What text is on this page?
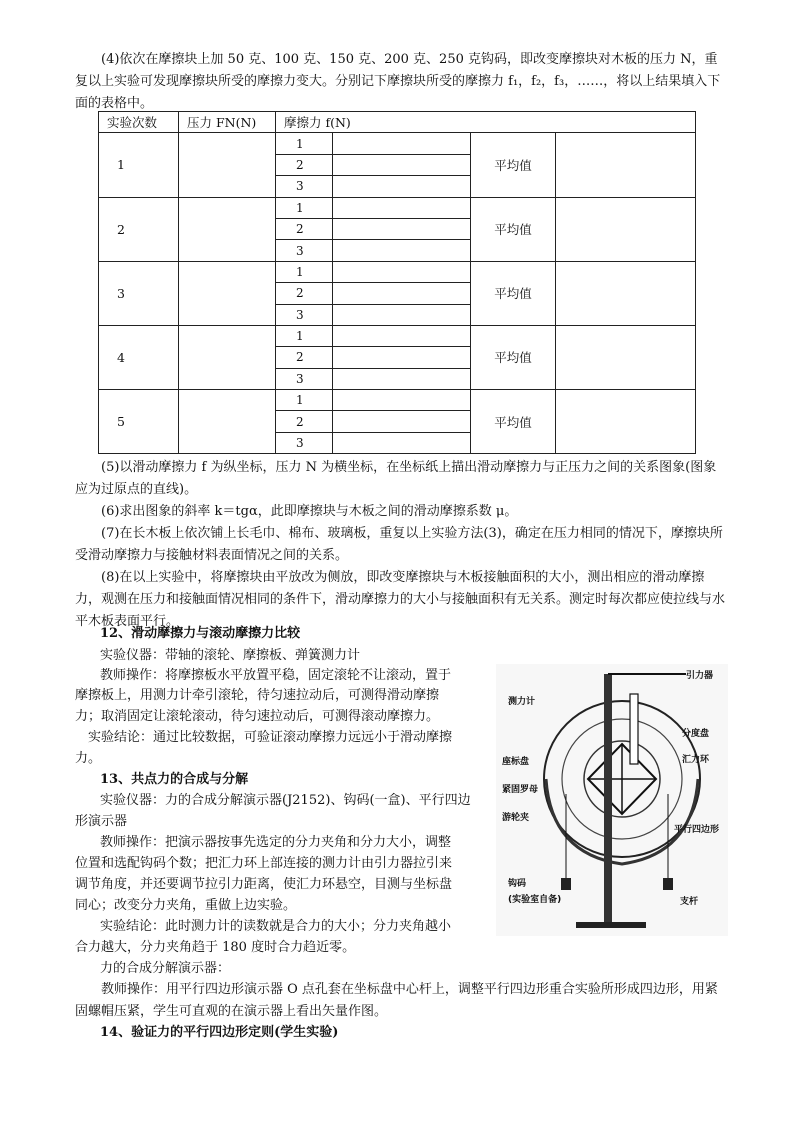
(4)依次在摩擦块上加 50 克、100 克、150 克、200 克、250 克钩码，即改变摩擦块对木板的压力 N，重复以上实验可发现摩擦块所受的摩擦力变大。分别记下摩擦块所受的摩擦力 f₁，f₂，f₃，……，将以上结果填入下面的表格中。

实验次数	压力 FN(N)	摩擦力 f(N)			
1		1		平均值	
		2			
		3			
2		1		平均值	
		2			
		3			
3		1		平均值	
		2			
		3			
4		1		平均值	
		2			
		3			
5		1		平均值	
		2			
		3			

(5)以滑动摩擦力 f 为纵坐标，压力 N 为横坐标，在坐标纸上描出滑动摩擦力与正压力之间的关系图象(图象应为过原点的直线)。

(6)求出图象的斜率 k＝tgα，此即摩擦块与木板之间的滑动摩擦系数 μ。

(7)在长木板上依次铺上长毛巾、棉布、玻璃板，重复以上实验方法(3)，确定在压力相同的情况下，摩擦块所受滑动摩擦力与接触材料表面情况之间的关系。

(8)在以上实验中，将摩擦块由平放改为侧放，即改变摩擦块与木板接触面积的大小，测出相应的滑动摩擦力，观测在压力和接触面情况相同的条件下，滑动摩擦力的大小与接触面积有无关系。测定时每次都应使拉线与水平木板表面平行。

12、滑动摩擦力与滚动摩擦力比较
实验仪器：带轴的滚轮、摩擦板、弹簧测力计
教师操作：将摩擦板水平放置平稳，固定滚轮不让滚动，置于
摩擦板上，用测力计牵引滚轮，待匀速拉动后，可测得滑动摩擦
力；取消固定让滚轮滚动，待匀速拉动后，可测得滚动摩擦力。
实验结论：通过比较数据，可验证滚动摩擦力远远小于滑动摩擦
力。
13、共点力的合成与分解
实验仪器：力的合成分解演示器(J2152)、钩码(一盒)、平行四边
形演示器
教师操作：把演示器按事先选定的分力夹角和分力大小，调整
位置和选配钩码个数；把汇力环上部连接的测力计由引力器拉引来
调节角度，并还要调节拉引力距离，使汇力环悬空，目测与坐标盘
同心；改变分力夹角，重做上边实验。
实验结论：此时测力计的读数就是合力的大小；分力夹角越小
合力越大，分力夹角趋于 180 度时合力趋近零。
力的合成分解演示器：

教师操作：用平行四边形演示器 O 点孔套在坐标盘中心杆上，调整平行四边形重合实验所形成四边形，用紧固螺帽压紧，学生可直观的在演示器上看出矢量作图。

14、验证力的平行四边形定则(学生实验)
测力计
引力器
分度盘
汇力环
座标盘
紧固罗母
游轮夹
平行四边形
钩码
(实验室自备)	支杆
